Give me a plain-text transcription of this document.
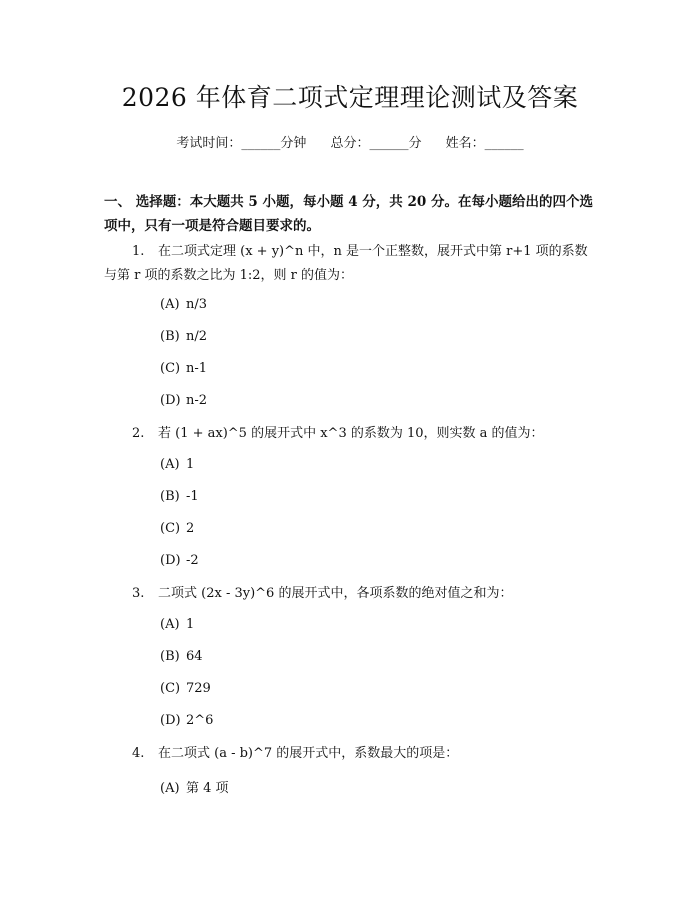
2026 年体育二项式定理理论测试及答案
考试时间：______分钟 总分：______分 姓名：______
一、 选择题：本大题共 5 小题，每小题 4 分，共 20 分。在每小题给出的四个选项中，只有一项是符合题目要求的。
1. 在二项式定理 (x + y)^n 中，n 是一个正整数，展开式中第 r+1 项的系数与第 r 项的系数之比为 1:2，则 r 的值为：
(A) n/3
(B) n/2
(C) n-1
(D) n-2
2. 若 (1 + ax)^5 的展开式中 x^3 的系数为 10，则实数 a 的值为：
(A) 1
(B) -1
(C) 2
(D) -2
3. 二项式 (2x - 3y)^6 的展开式中，各项系数的绝对值之和为：
(A) 1
(B) 64
(C) 729
(D) 2^6
4. 在二项式 (a - b)^7 的展开式中，系数最大的项是：
(A) 第 4 项
